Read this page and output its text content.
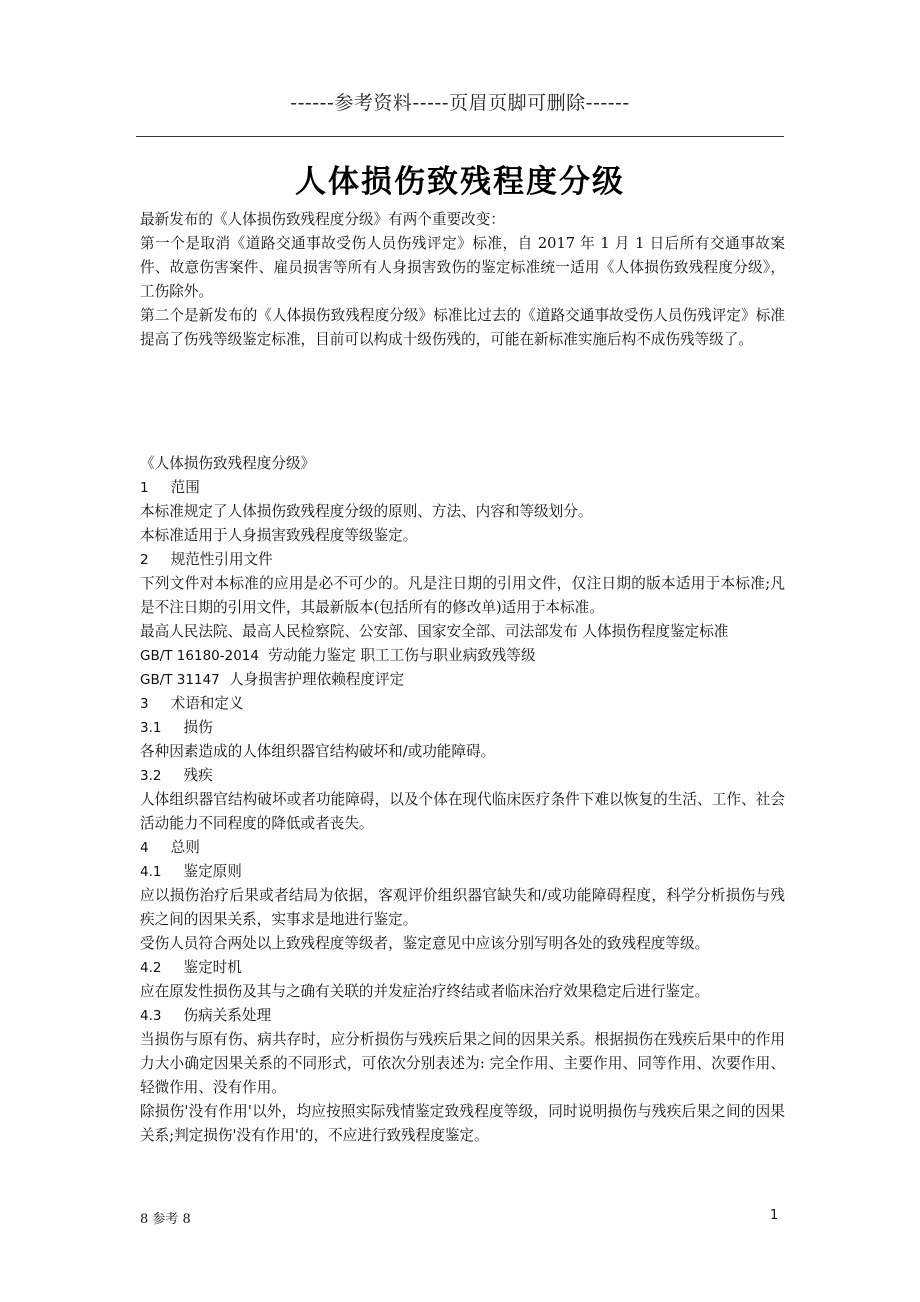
------参考资料-----页眉页脚可删除------
人体损伤致残程度分级

最新发布的《人体损伤致残程度分级》有两个重要改变：

第一个是取消《道路交通事故受伤人员伤残评定》标准，自 2017 年 1 月 1 日后所有交通事故案件、故意伤害案件、雇员损害等所有人身损害致伤的鉴定标准统一适用《人体损伤致残程度分级》，工伤除外。

第二个是新发布的《人体损伤致残程度分级》标准比过去的《道路交通事故受伤人员伤残评定》标准提高了伤残等级鉴定标准，目前可以构成十级伤残的，可能在新标准实施后构不成伤残等级了。

《人体损伤致残程度分级》

1 范围

本标准规定了人体损伤致残程度分级的原则、方法、内容和等级划分。

本标准适用于人身损害致残程度等级鉴定。

2 规范性引用文件

下列文件对本标准的应用是必不可少的。凡是注日期的引用文件，仅注日期的版本适用于本标准;凡是不注日期的引用文件，其最新版本(包括所有的修改单)适用于本标准。

最高人民法院、最高人民检察院、公安部、国家安全部、司法部发布 人体损伤程度鉴定标准

GB/T 16180-2014 劳动能力鉴定 职工工伤与职业病致残等级

GB/T 31147 人身损害护理依赖程度评定

3 术语和定义

3.1 损伤

各种因素造成的人体组织器官结构破坏和/或功能障碍。

3.2 残疾

人体组织器官结构破坏或者功能障碍，以及个体在现代临床医疗条件下难以恢复的生活、工作、社会活动能力不同程度的降低或者丧失。

4 总则

4.1 鉴定原则

应以损伤治疗后果或者结局为依据，客观评价组织器官缺失和/或功能障碍程度，科学分析损伤与残疾之间的因果关系，实事求是地进行鉴定。

受伤人员符合两处以上致残程度等级者，鉴定意见中应该分别写明各处的致残程度等级。

4.2 鉴定时机

应在原发性损伤及其与之确有关联的并发症治疗终结或者临床治疗效果稳定后进行鉴定。

4.3 伤病关系处理

当损伤与原有伤、病共存时，应分析损伤与残疾后果之间的因果关系。根据损伤在残疾后果中的作用力大小确定因果关系的不同形式，可依次分别表述为: 完全作用、主要作用、同等作用、次要作用、轻微作用、没有作用。

除损伤'没有作用'以外，均应按照实际残情鉴定致残程度等级，同时说明损伤与残疾后果之间的因果关系;判定损伤'没有作用'的，不应进行致残程度鉴定。

8 参考 8	1
